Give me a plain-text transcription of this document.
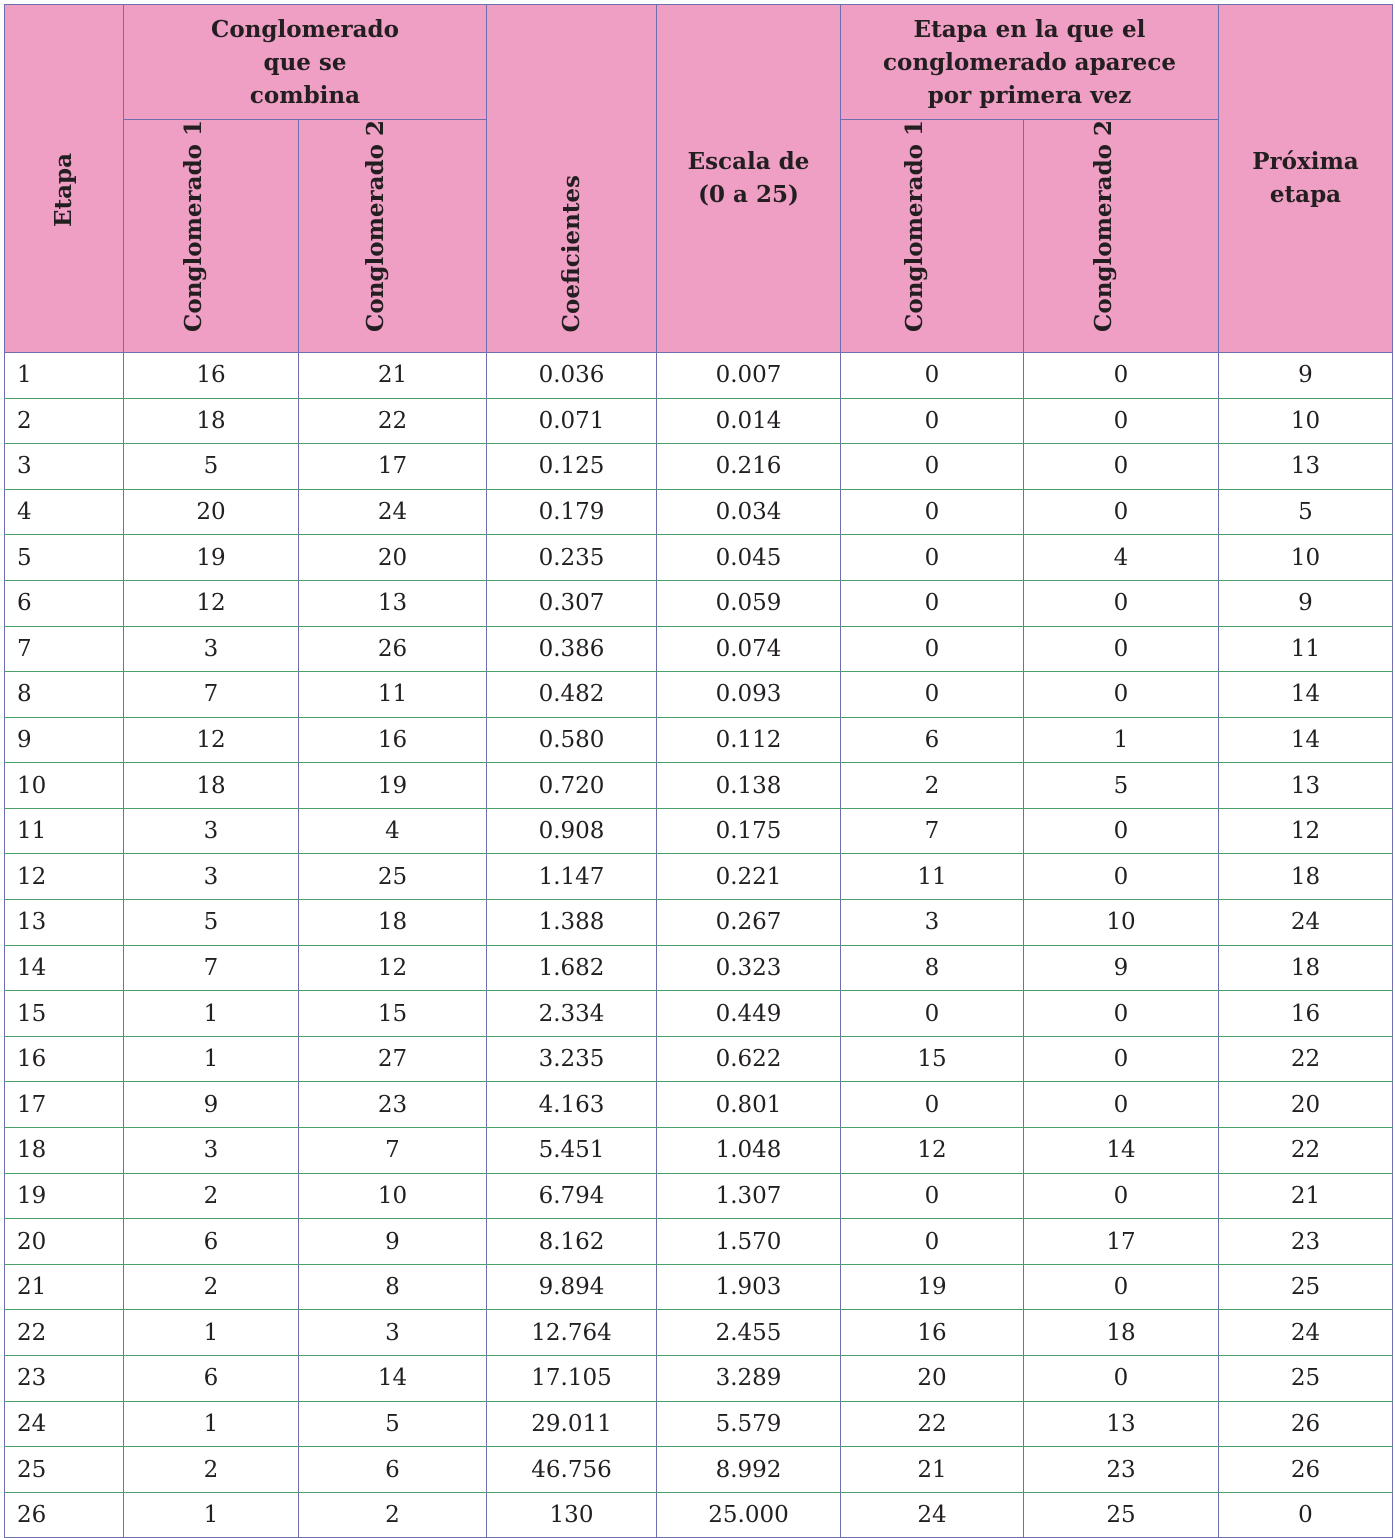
Etapa	Conglomerado que se combina		Coeficientes	Escala de (0 a 25)	Etapa en la que el conglomerado aparece por primera vez		Próxima etapa

	Conglomerado 1	Conglomerado 2			Conglomerado 1	Conglomerado 2	

1	16	21	0.036	0.007	0	0	9
2	18	22	0.071	0.014	0	0	10
3	5	17	0.125	0.216	0	0	13
4	20	24	0.179	0.034	0	0	5
5	19	20	0.235	0.045	0	4	10
6	12	13	0.307	0.059	0	0	9
7	3	26	0.386	0.074	0	0	11
8	7	11	0.482	0.093	0	0	14
9	12	16	0.580	0.112	6	1	14
10	18	19	0.720	0.138	2	5	13
11	3	4	0.908	0.175	7	0	12
12	3	25	1.147	0.221	11	0	18
13	5	18	1.388	0.267	3	10	24
14	7	12	1.682	0.323	8	9	18
15	1	15	2.334	0.449	0	0	16
16	1	27	3.235	0.622	15	0	22
17	9	23	4.163	0.801	0	0	20
18	3	7	5.451	1.048	12	14	22
19	2	10	6.794	1.307	0	0	21
20	6	9	8.162	1.570	0	17	23
21	2	8	9.894	1.903	19	0	25
22	1	3	12.764	2.455	16	18	24
23	6	14	17.105	3.289	20	0	25
24	1	5	29.011	5.579	22	13	26
25	2	6	46.756	8.992	21	23	26
26	1	2	130	25.000	24	25	0
